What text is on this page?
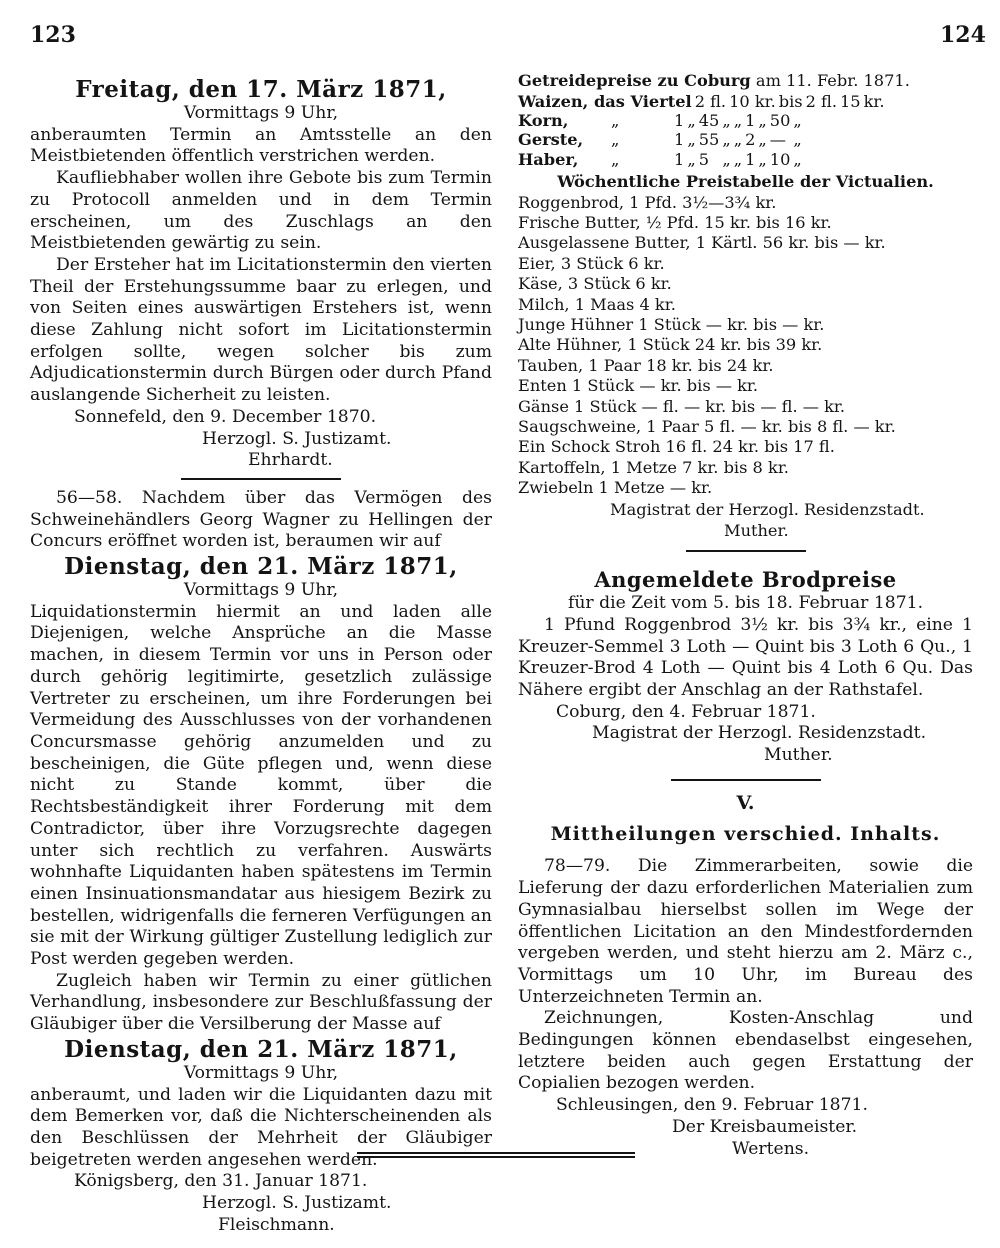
123	124

Freitag, den 17. März 1871,

Vormittags 9 Uhr,

anberaumten Termin an Amtsstelle an den Meistbietenden öffentlich verstrichen werden.

Kaufliebhaber wollen ihre Gebote bis zum Termin zu Protocoll anmelden und in dem Termin erscheinen, um des Zuschlags an den Meistbietenden gewärtig zu sein.

Der Ersteher hat im Licitationstermin den vierten Theil der Erstehungssumme baar zu erlegen, und von Seiten eines auswärtigen Erstehers ist, wenn diese Zahlung nicht sofort im Licitationstermin erfolgen sollte, wegen solcher bis zum Adjudicationstermin durch Bürgen oder durch Pfand auslangende Sicherheit zu leisten.

Sonnefeld, den 9. December 1870.

Herzogl. S. Justizamt.

Ehrhardt.

56—58. Nachdem über das Vermögen des Schweinehändlers Georg Wagner zu Hellingen der Concurs eröffnet worden ist, beraumen wir auf

Dienstag, den 21. März 1871,

Vormittags 9 Uhr,

Liquidationstermin hiermit an und laden alle Diejenigen, welche Ansprüche an die Masse machen, in diesem Termin vor uns in Person oder durch gehörig legitimirte, gesetzlich zulässige Vertreter zu erscheinen, um ihre Forderungen bei Vermeidung des Ausschlusses von der vorhandenen Concursmasse gehörig anzumelden und zu bescheinigen, die Güte pflegen und, wenn diese nicht zu Stande kommt, über die Rechtsbeständigkeit ihrer Forderung mit dem Contradictor, über ihre Vorzugsrechte dagegen unter sich rechtlich zu verfahren. Auswärts wohnhafte Liquidanten haben spätestens im Termin einen Insinuationsmandatar aus hiesigem Bezirk zu bestellen, widrigenfalls die ferneren Verfügungen an sie mit der Wirkung gültiger Zustellung lediglich zur Post werden gegeben werden.

Zugleich haben wir Termin zu einer gütlichen Verhandlung, insbesondere zur Beschlußfassung der Gläubiger über die Versilberung der Masse auf

Dienstag, den 21. März 1871,

Vormittags 9 Uhr,

anberaumt, und laden wir die Liquidanten dazu mit dem Bemerken vor, daß die Nichterscheinenden als den Beschlüssen der Mehrheit der Gläubiger beigetreten werden angesehen werden.

Königsberg, den 31. Januar 1871.

Herzogl. S. Justizamt.

Fleischmann.

Getreidepreise zu Coburg am 11. Febr. 1871.

Waizen, das Viertel	2 fl.	10 kr.	bis	2 fl.	15	kr.
Korn,	„	1	„	45	„	„	1	„	50	„
Gerste,	„	1	„	55	„	„	2	„	—	„
Haber,	„	1	„	5	„	„	1	„	10	„

Wöchentliche Preistabelle der Victualien.

Roggenbrod, 1 Pfd. 3½—3¾ kr.

Frische Butter, ½ Pfd. 15 kr. bis 16 kr.

Ausgelassene Butter, 1 Kärtl. 56 kr. bis — kr.

Eier, 3 Stück 6 kr.

Käse, 3 Stück 6 kr.

Milch, 1 Maas 4 kr.

Junge Hühner 1 Stück — kr. bis — kr.

Alte Hühner, 1 Stück 24 kr. bis 39 kr.

Tauben, 1 Paar 18 kr. bis 24 kr.

Enten 1 Stück — kr. bis — kr.

Gänse 1 Stück — fl. — kr. bis — fl. — kr.

Saugschweine, 1 Paar 5 fl. — kr. bis 8 fl. — kr.

Ein Schock Stroh 16 fl. 24 kr. bis 17 fl.

Kartoffeln, 1 Metze 7 kr. bis 8 kr.

Zwiebeln 1 Metze — kr.

Magistrat der Herzogl. Residenzstadt.

Muther.

Angemeldete Brodpreise

für die Zeit vom 5. bis 18. Februar 1871.

1 Pfund Roggenbrod 3½ kr. bis 3¾ kr., eine 1 Kreuzer-Semmel 3 Loth — Quint bis 3 Loth 6 Qu., 1 Kreuzer-Brod 4 Loth — Quint bis 4 Loth 6 Qu. Das Nähere ergibt der Anschlag an der Rathstafel.

Coburg, den 4. Februar 1871.

Magistrat der Herzogl. Residenzstadt.

Muther.

V.

Mittheilungen verschied. Inhalts.

78—79. Die Zimmerarbeiten, sowie die Lieferung der dazu erforderlichen Materialien zum Gymnasialbau hierselbst sollen im Wege der öffentlichen Licitation an den Mindestfordernden vergeben werden, und steht hierzu am 2. März c., Vormittags um 10 Uhr, im Bureau des Unterzeichneten Termin an.

Zeichnungen, Kosten-Anschlag und Bedingungen können ebendaselbst eingesehen, letztere beiden auch gegen Erstattung der Copialien bezogen werden.

Schleusingen, den 9. Februar 1871.

Der Kreisbaumeister.

Wertens.
